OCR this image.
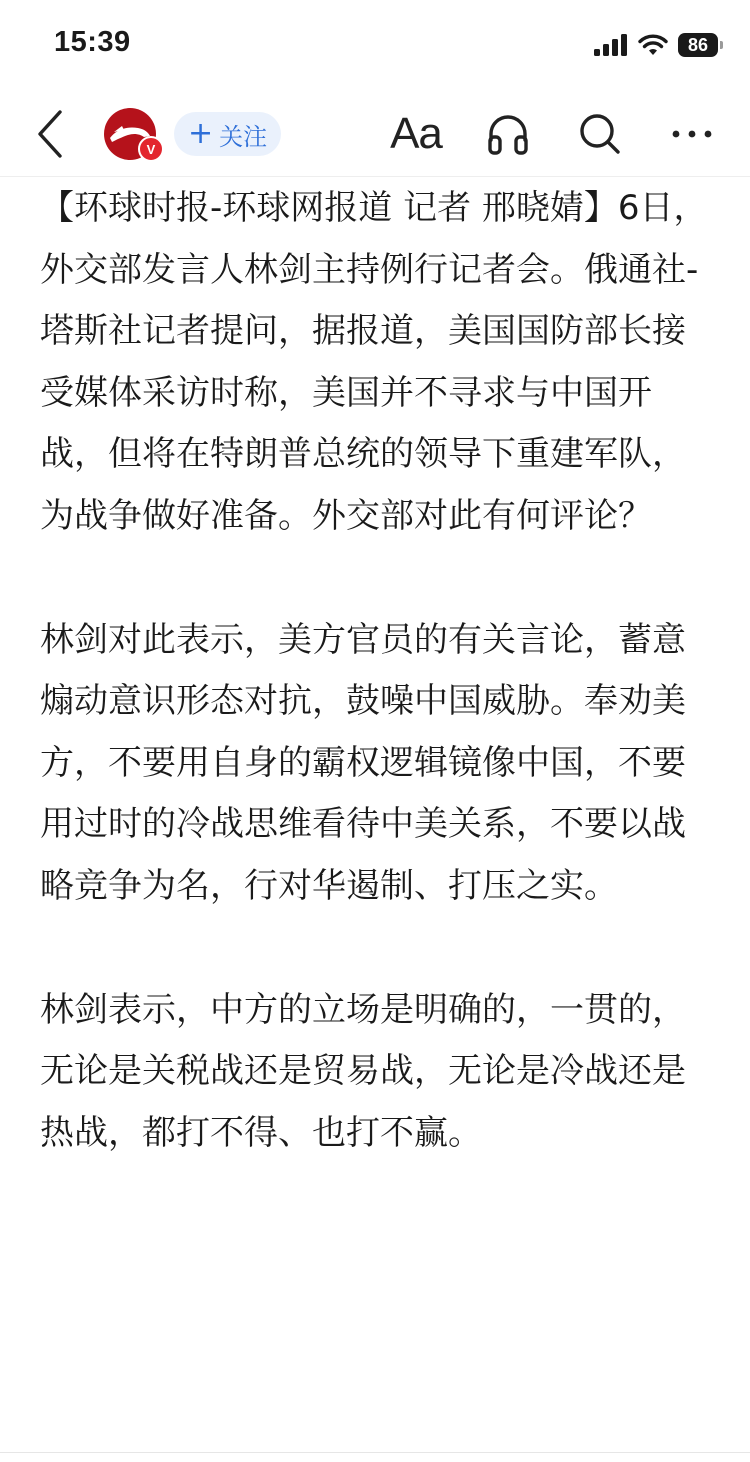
15:39	86
V + 关注	Aa

【环球时报-环球网报道 记者 邢晓婧】6日，外交部发言人林剑主持例行记者会。俄通社-塔斯社记者提问，据报道，美国国防部长接受媒体采访时称，美国并不寻求与中国开战，但将在特朗普总统的领导下重建军队，为战争做好准备。外交部对此有何评论？

林剑对此表示，美方官员的有关言论，蓄意煽动意识形态对抗，鼓噪中国威胁。奉劝美方，不要用自身的霸权逻辑镜像中国，不要用过时的冷战思维看待中美关系，不要以战略竞争为名，行对华遏制、打压之实。

林剑表示，中方的立场是明确的，一贯的，无论是关税战还是贸易战，无论是冷战还是热战，都打不得、也打不赢。
